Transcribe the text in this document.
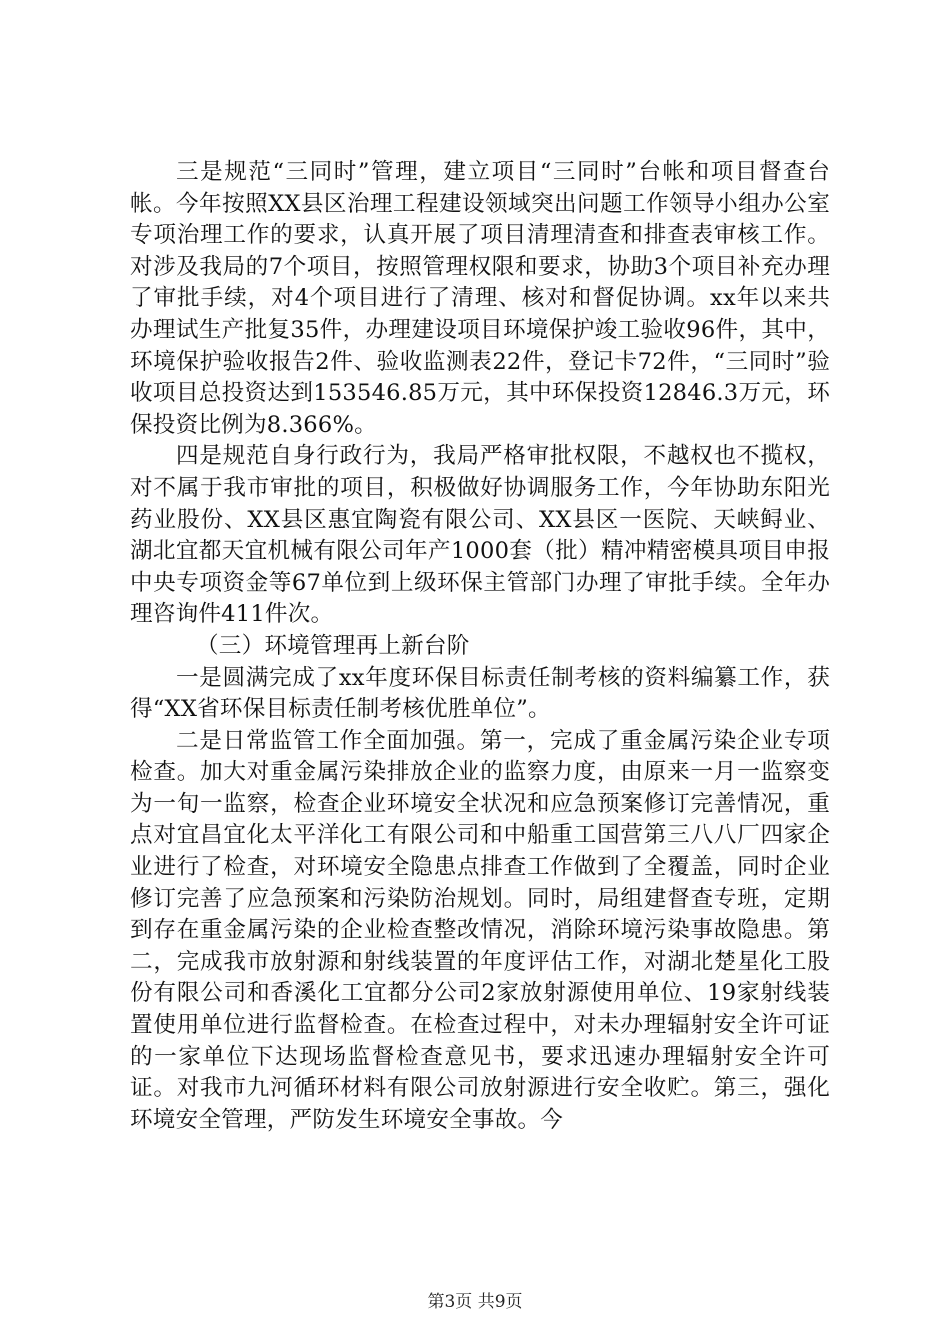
三是规范“三同时”管理，建立项目“三同时”台帐和项目督查台帐。今年按照XX县区治理工程建设领域突出问题工作领导小组办公室专项治理工作的要求，认真开展了项目清理清查和排查表审核工作。对涉及我局的7个项目，按照管理权限和要求，协助3个项目补充办理了审批手续，对4个项目进行了清理、核对和督促协调。xx年以来共办理试生产批复35件，办理建设项目环境保护竣工验收96件，其中，环境保护验收报告2件、验收监测表22件，登记卡72件，“三同时”验收项目总投资达到153546.85万元，其中环保投资12846.3万元，环保投资比例为8.366%。

四是规范自身行政行为，我局严格审批权限，不越权也不揽权，对不属于我市审批的项目，积极做好协调服务工作，今年协助东阳光药业股份、XX县区惠宜陶瓷有限公司、XX县区一医院、天峡鲟业、湖北宜都天宜机械有限公司年产1000套（批）精冲精密模具项目申报中央专项资金等67单位到上级环保主管部门办理了审批手续。全年办理咨询件411件次。

（三）环境管理再上新台阶

一是圆满完成了xx年度环保目标责任制考核的资料编纂工作，获得“XX省环保目标责任制考核优胜单位”。

二是日常监管工作全面加强。第一，完成了重金属污染企业专项检查。加大对重金属污染排放企业的监察力度，由原来一月一监察变为一旬一监察，检查企业环境安全状况和应急预案修订完善情况，重点对宜昌宜化太平洋化工有限公司和中船重工国营第三八八厂四家企业进行了检查，对环境安全隐患点排查工作做到了全覆盖，同时企业修订完善了应急预案和污染防治规划。同时，局组建督查专班，定期到存在重金属污染的企业检查整改情况，消除环境污染事故隐患。第二，完成我市放射源和射线装置的年度评估工作，对湖北楚星化工股份有限公司和香溪化工宜都分公司2家放射源使用单位、19家射线装置使用单位进行监督检查。在检查过程中，对未办理辐射安全许可证的一家单位下达现场监督检查意见书，要求迅速办理辐射安全许可证。对我市九河循环材料有限公司放射源进行安全收贮。第三，强化环境安全管理，严防发生环境安全事故。今

第3页 共9页
